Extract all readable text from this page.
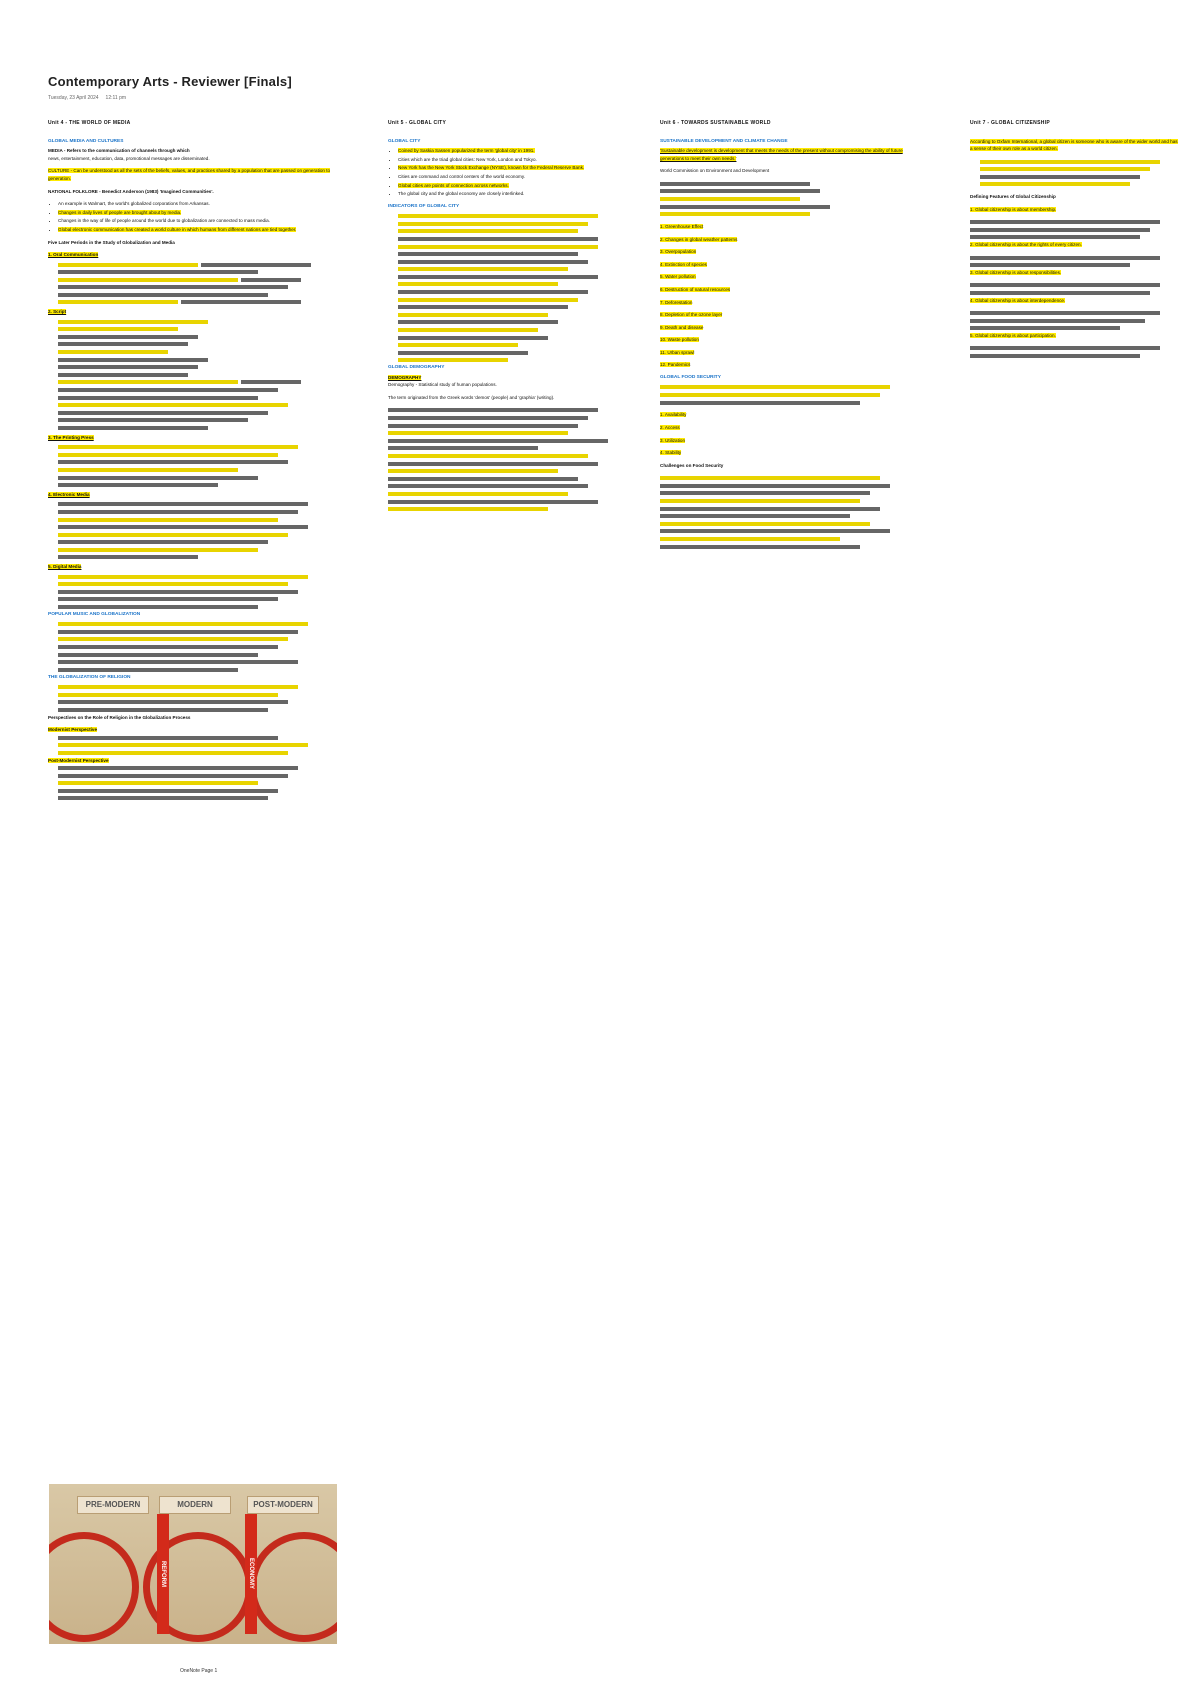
Contemporary Arts - Reviewer [Finals]
Tuesday, 23 April 2024 12:11 pm
Unit 4 - THE WORLD OF MEDIA
GLOBAL MEDIA AND CULTURES

MEDIA - Refers to the communication of channels through which
news, entertainment, education, data, promotional messages are disseminated.

CULTURE - Can be understood as all the sets of the beliefs, values, and practices shared by a population that are passed on generation to generation.

NATIONAL FOLKLORE - Benedict Anderson (1983) 'Imagined Communities'.

• An example is Walmart, the world's globalized corporations from Arkansas.
• Changes in daily lives of people are brought about by media.
• Changes in the way of life of people around the world due to globalization are connected to mass media.
• Global electronic communication has created a world culture in which humans from different nations are tied together.

Five Later Periods in the Study of Globalization and Media

1. Oral Communication

2. Script

3. The Printing Press

4. Electronic Media

5. Digital Media

POPULAR MUSIC AND GLOBALIZATION

THE GLOBALIZATION OF RELIGION

Perspectives on the Role of Religion in the Globalization Process

Modernist Perspective

Post-Modernist Perspective

PRE-MODERN	MODERN	POST-MODERN
REFORM	ECONOMY
Unit 5 - GLOBAL CITY
GLOBAL CITY
• Coined by Saskia Sassen popularized the term 'global city' in 1991.
• Cities which are the triad global cities: New York, London and Tokyo.
• New York has the New York Stock Exchange (NYSE), known for the Federal Reserve Bank.
• Cities are command and control centers of the world economy.
• Global cities are points of connection across networks.
• The global city and the global economy are closely interlinked.
INDICATORS OF GLOBAL CITY

GLOBAL DEMOGRAPHY

DEMOGRAPHY
Demography - Statistical study of human populations.

The term originated from the Greek words 'demos' (people) and 'graphia' (writing).

Unit 6 - TOWARDS SUSTAINABLE WORLD
SUSTAINABLE DEVELOPMENT AND CLIMATE CHANGE

'Sustainable development is development that meets the needs of the present without compromising the ability of future generations to meet their own needs.'

World Commission on Environment and Development

1. Greenhouse Effect

2. Changes in global weather patterns

3. Overpopulation

4. Extinction of species

5. Water pollution

6. Destruction of natural resources

7. Deforestation

8. Depletion of the ozone layer

9. Death and disease

10. Waste pollution

11. Urban sprawl

12. Pandemics

GLOBAL FOOD SECURITY

1. Availability

2. Access

3. Utilization

4. Stability

Challenges on Food Security

Unit 7 - GLOBAL CITIZENSHIP

According to Oxfam International, a global citizen is someone who is aware of the wider world and has a sense of their own role as a world citizen.

Defining Features of Global Citizenship

1. Global citizenship is about membership.

2. Global citizenship is about the rights of every citizen.

3. Global citizenship is about responsibilities.

4. Global citizenship is about interdependence.

5. Global citizenship is about participation.

OneNote Page 1
